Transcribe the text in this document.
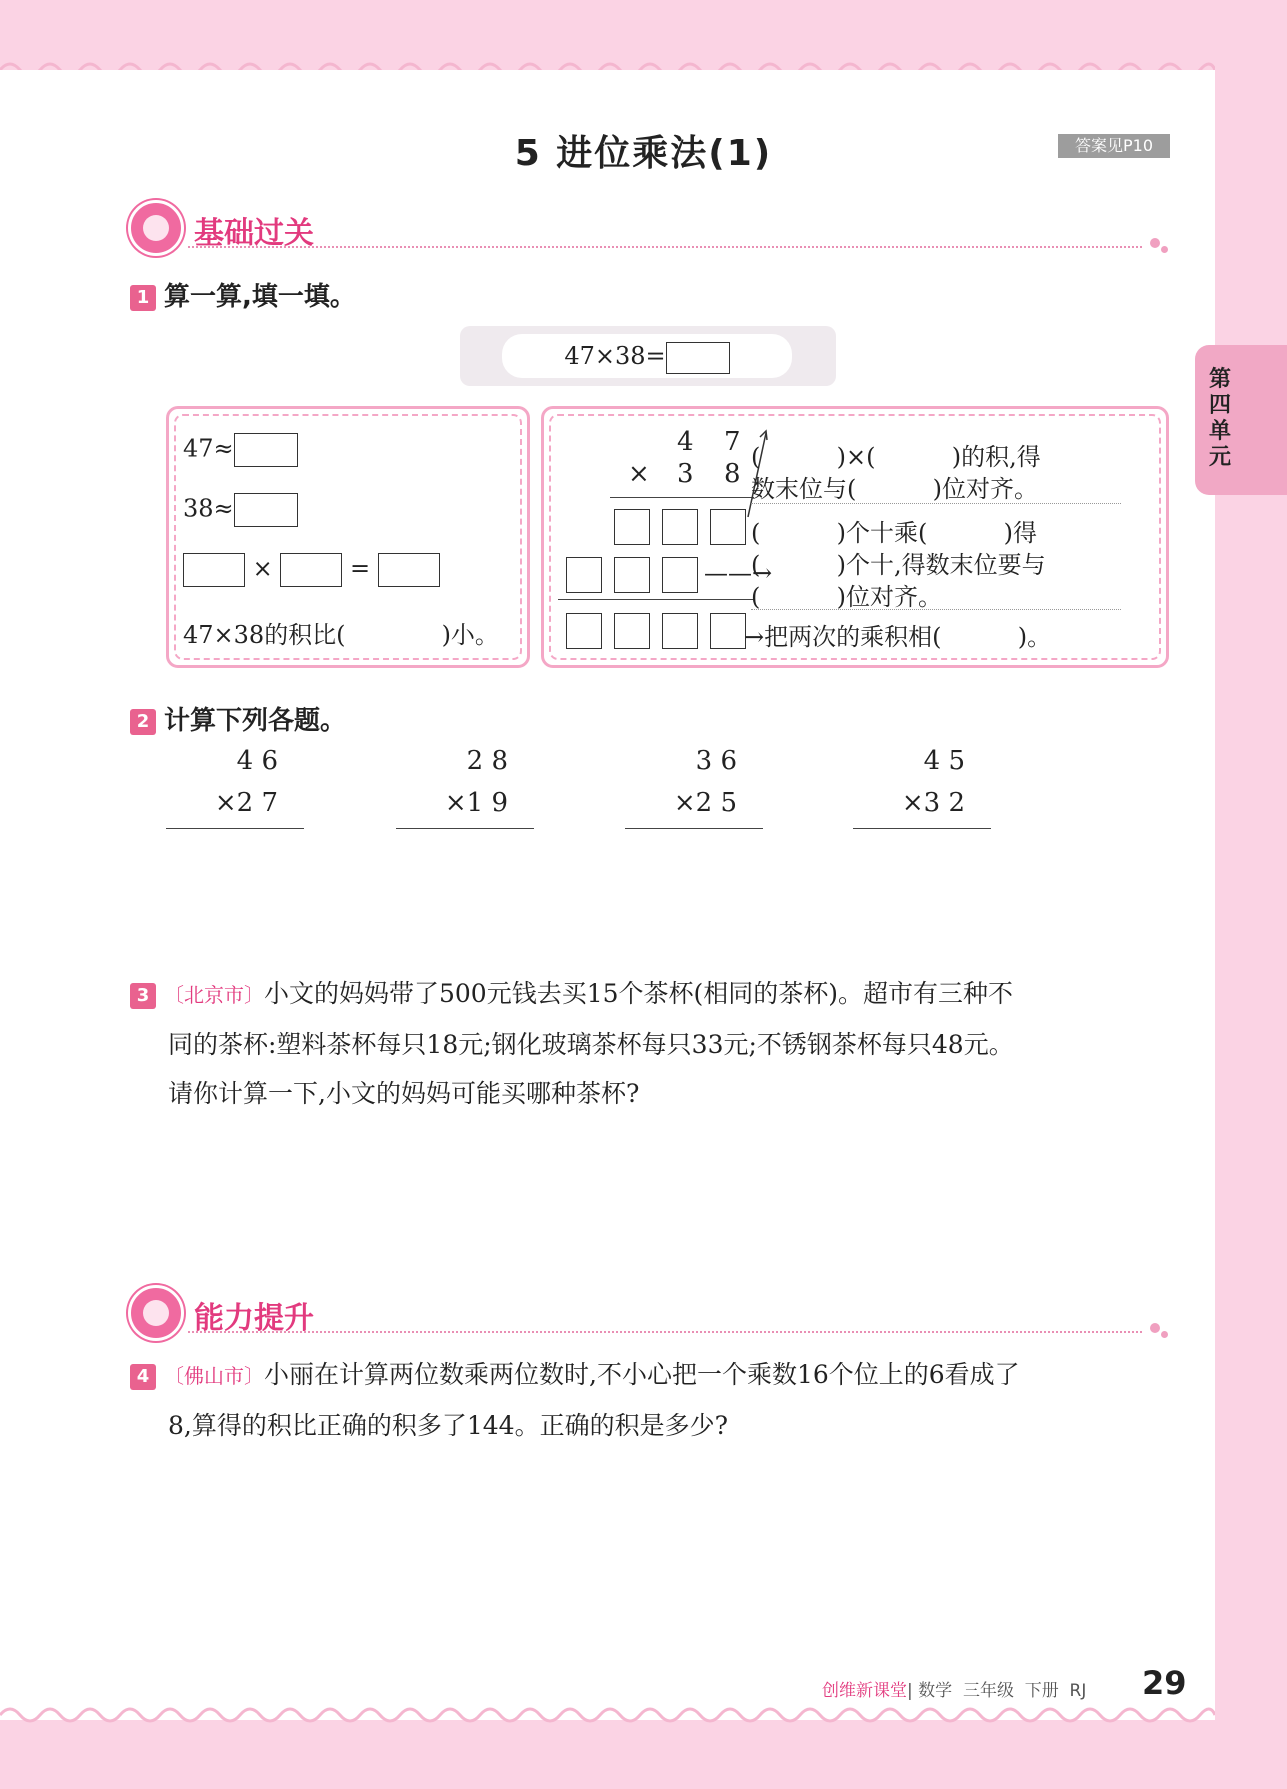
5 进位乘法(1)	答案见P10
第四单元
基础过关
1 算一算,填一填。
47×38=
47≈
38≈
×	=
47×38的积比(	)小。
4 7
× 3 8
——→
(          )×(          )的积,得
数末位与(          )位对齐。
(          )个十乘(          )得
(          )个十,得数末位要与
(          )位对齐。
→把两次的乘积相(          )。
2 计算下列各题。
4 6
×2 7
2 8
×1 9
3 6
×2 5
4 5
×3 2
3 〔北京市〕小文的妈妈带了500元钱去买15个茶杯(相同的茶杯)。超市有三种不
同的茶杯:塑料茶杯每只18元;钢化玻璃茶杯每只33元;不锈钢茶杯每只48元。
请你计算一下,小文的妈妈可能买哪种茶杯?
能力提升
4 〔佛山市〕小丽在计算两位数乘两位数时,不小心把一个乘数16个位上的6看成了
8,算得的积比正确的积多了144。正确的积是多少?
创维新课堂| 数学  三年级  下册  RJ 29
